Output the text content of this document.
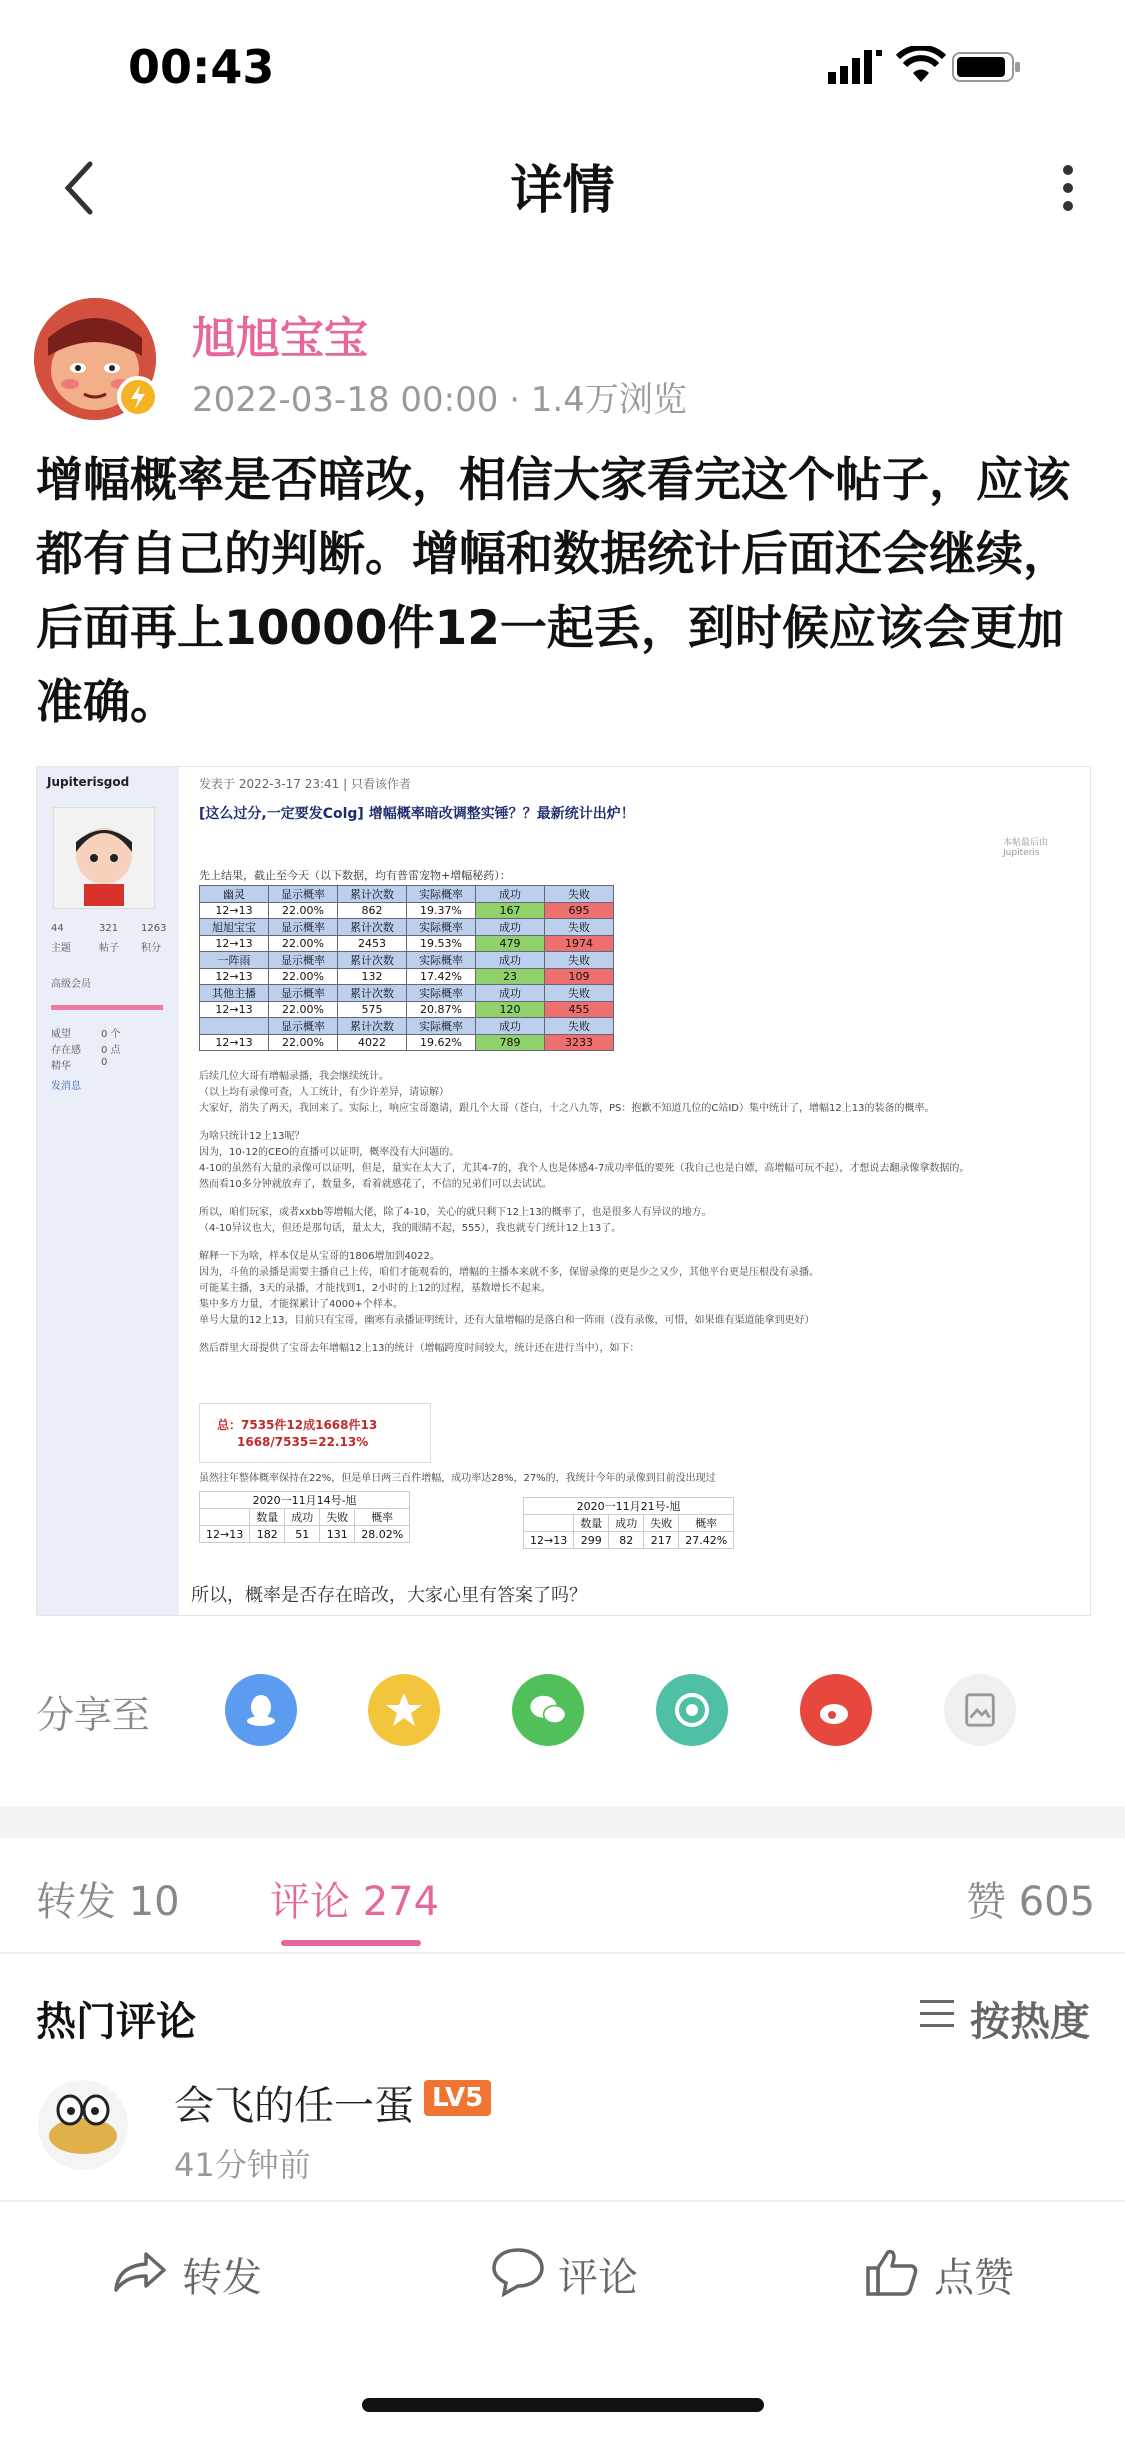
00:43
详情
旭旭宝宝
2022-03-18 00:00 · 1.4万浏览
增幅概率是否暗改，相信大家看完这个帖子，应该都有自己的判断。增幅和数据统计后面还会继续，后面再上10000件12一起丢，到时候应该会更加准确。
Jupiterisgod
44	321 1263
主题	帖子 积分
高级会员
威望	0 个
存在感 0 点
精华	0
发消息
发表于 2022-3-17 23:41 | 只看该作者
[这么过分,一定要发Colg] 增幅概率暗改调整实锤？？最新统计出炉！
本帖最后由 Jupiteris
先上结果，截止至今天（以下数据，均有普雷宠物+增幅秘药）：
幽灵	显示概率	累计次数	实际概率	成功	失败
12→13	22.00%	862	19.37%	167	695
旭旭宝宝	显示概率	累计次数	实际概率	成功	失败
12→13	22.00%	2453	19.53%	479	1974
一阵雨	显示概率	累计次数	实际概率	成功	失败
12→13	22.00%	132	17.42%	23	109
其他主播	显示概率	累计次数	实际概率	成功	失败
12→13	22.00%	575	20.87%	120	455
	显示概率	累计次数	实际概率	成功	失败
12→13	22.00%	4022	19.62%	789	3233
后续几位大哥有增幅录播，我会继续统计。
（以上均有录像可查，人工统计，有少许差异，请谅解）
大家好，消失了两天，我回来了。实际上，响应宝哥邀请，跟几个大哥（苍白，十之八九等，PS：抱歉不知道几位的C站ID）集中统计了，增幅12上13的装备的概率。
为啥只统计12上13呢？
因为，10-12的CEO的直播可以证明，概率没有大问题的。
4-10的虽然有大量的录像可以证明，但是，量实在太大了，尤其4-7的，我个人也是体感4-7成功率低的要死（我自己也是白嫖，高增幅可玩不起），才想说去翻录像拿数据的。
然而看10多分钟就放弃了，数量多，看着就感花了，不信的兄弟们可以去试试。
所以，咱们玩家，或者xxbb等增幅大佬，除了4-10，关心的就只剩下12上13的概率了，也是很多人有异议的地方。
（4-10异议也大，但还是那句话，量太大，我的眼睛不起，555），我也就专门统计12上13了。
解释一下为啥，样本仅是从宝哥的1806增加到4022。
因为，斗鱼的录播是需要主播自己上传，咱们才能观看的，增幅的主播本来就不多，保留录像的更是少之又少，其他平台更是压根没有录播。
可能某主播，3天的录播，才能找到1，2小时的上12的过程，基数增长不起来。
集中多方力量，才能探累计了4000+个样本。
单号大量的12上13，目前只有宝哥，幽寒有录播证明统计，还有大量增幅的是落白和一阵雨（没有录像，可惜，如果谁有渠道能拿到更好）
然后群里大哥提供了宝哥去年增幅12上13的统计（增幅跨度时间较大，统计还在进行当中），如下：
虽然往年整体概率保持在22%，但是单日两三百件增幅，成功率达28%，27%的，我统计今年的录像到目前没出现过
总：7535件12成1668件13
1668/7535=22.13%
2020一11月14号-旭				
	数量	成功	失败	概率
12→13	182	51	131	28.02%
2020一11月21号-旭				
	数量	成功	失败	概率
12→13	299	82	217	27.42%
所以，概率是否存在暗改，大家心里有答案了吗？
分享至
转发 10 评论 274	赞 605
热门评论	按热度
会飞的任一蛋 LV5
41分钟前
转发	评论	点赞
